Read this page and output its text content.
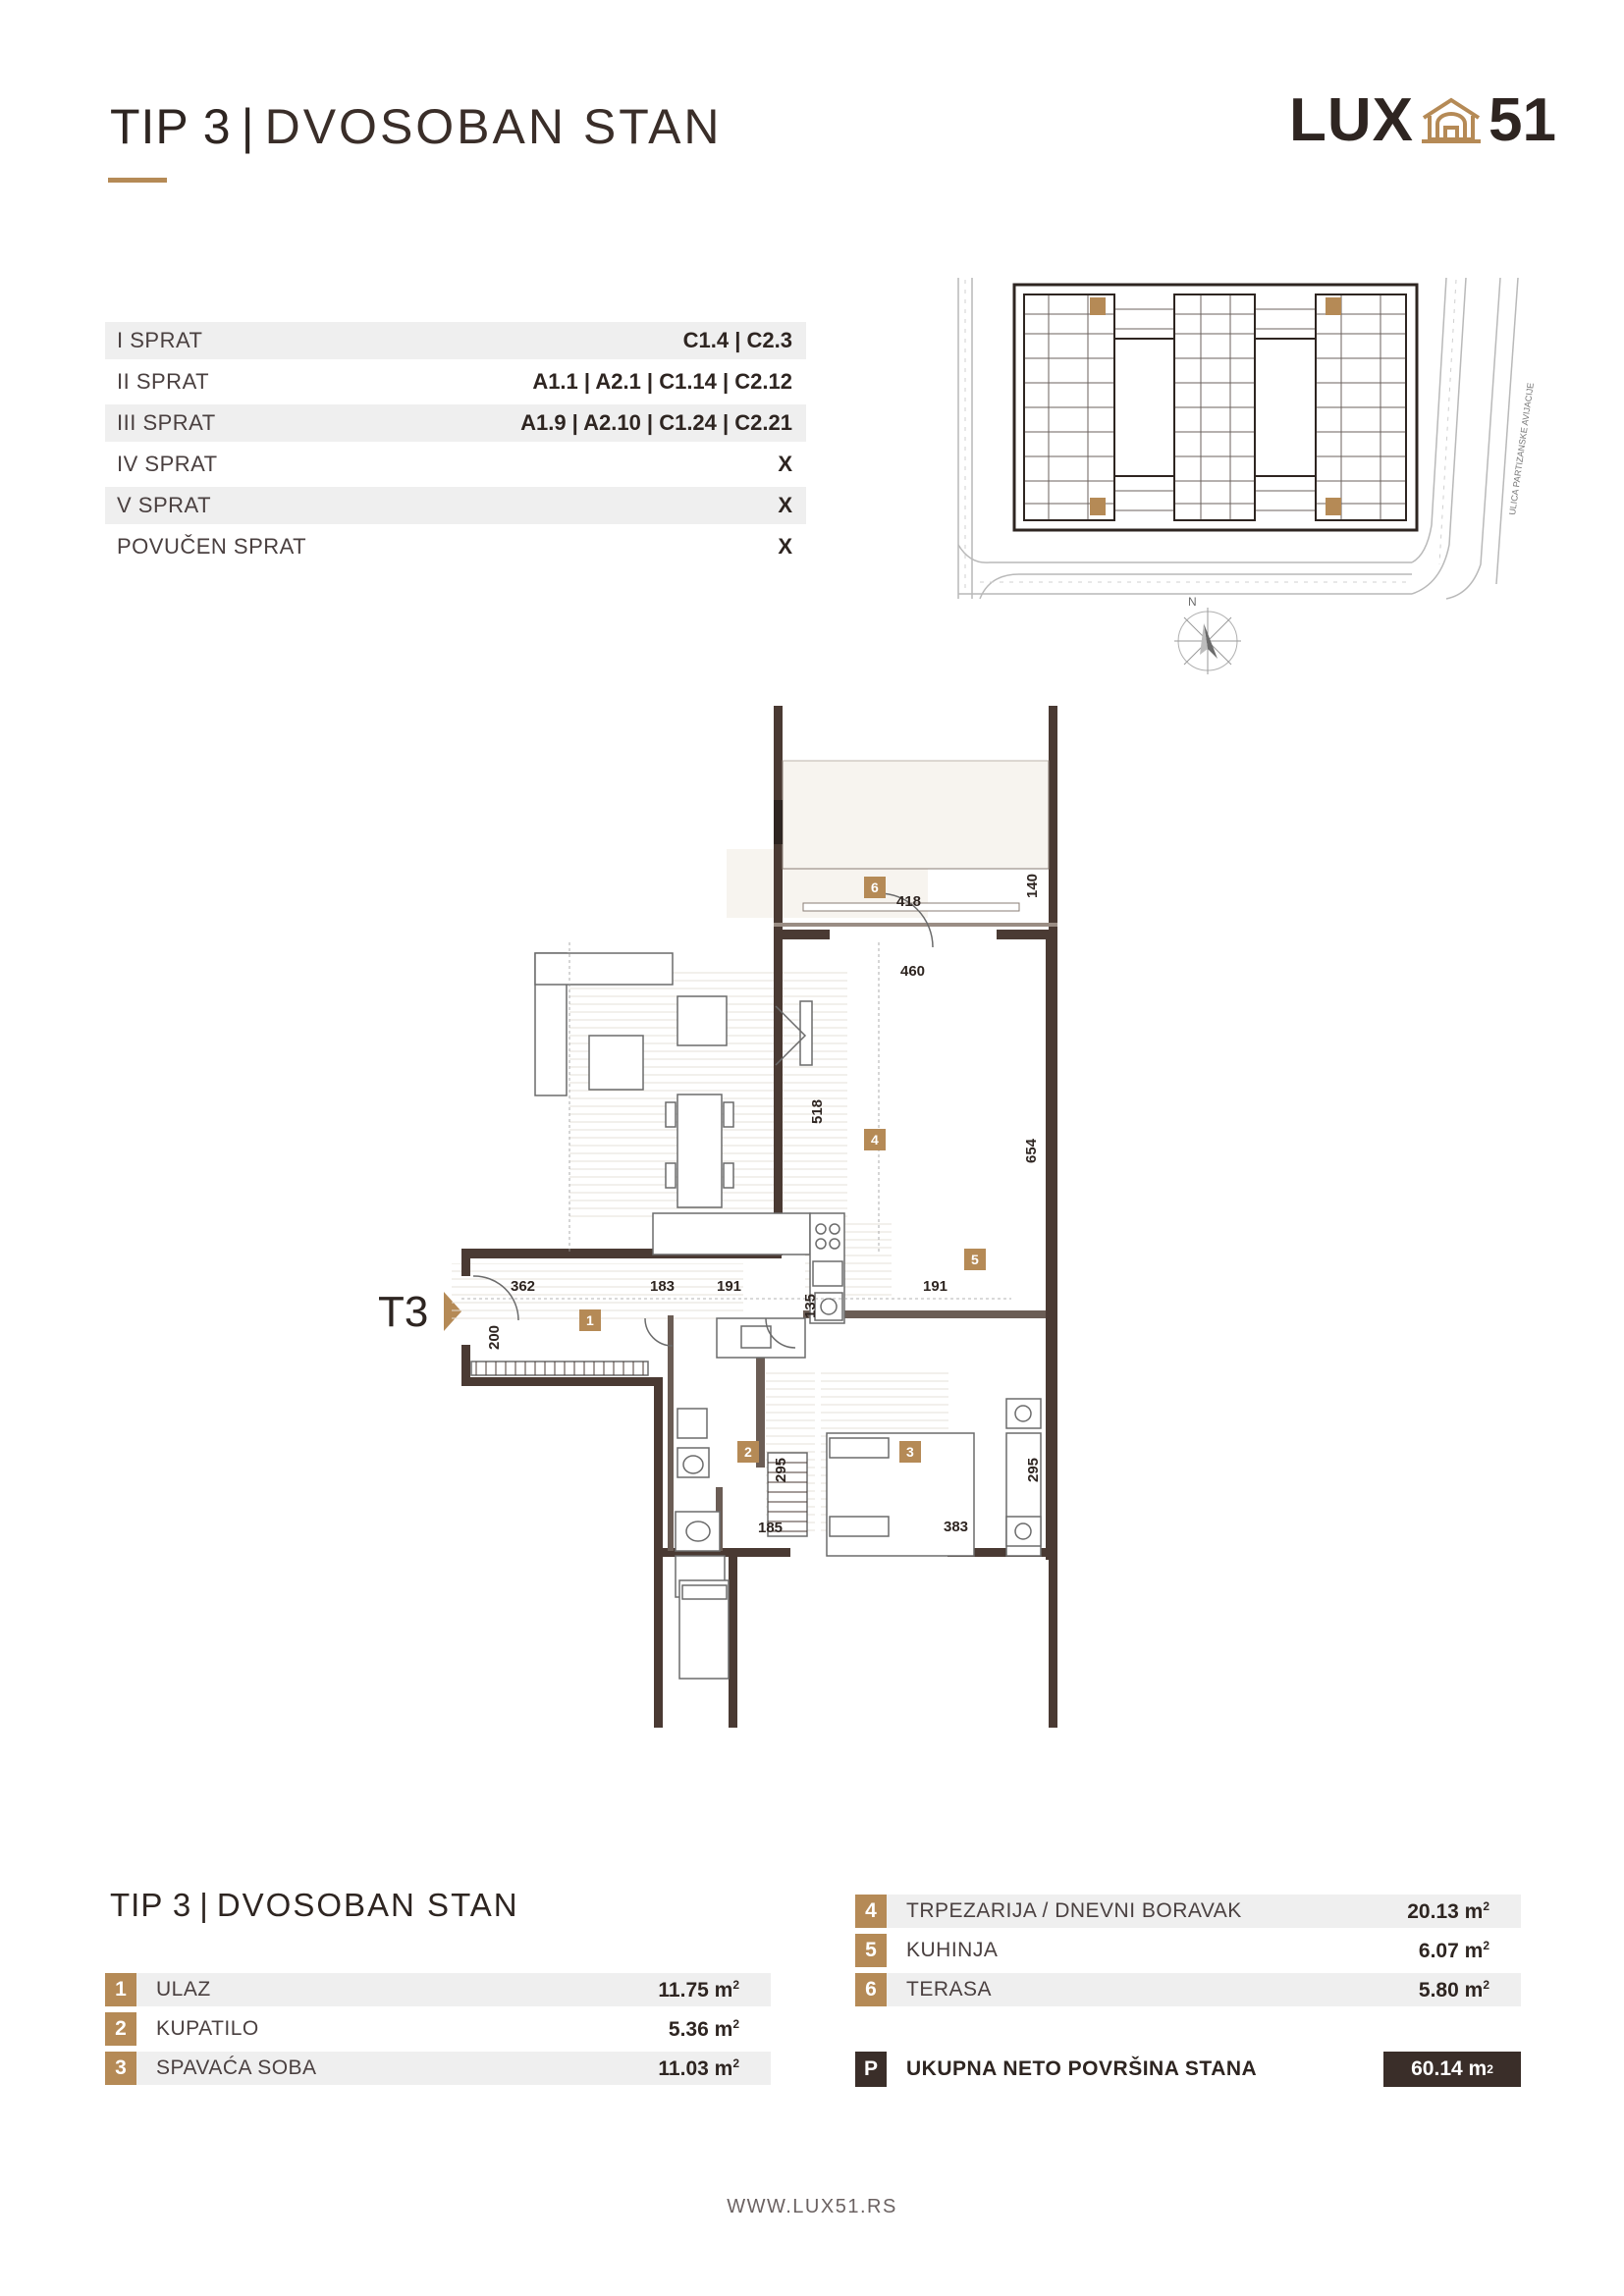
TIP 3 | DVOSOBAN STAN	LUX 51
I SPRAT	C1.4 | C2.3
II SPRAT	A1.1 | A2.1 | C1.14 | C2.12
III SPRAT	A1.9 | A2.10 | C1.24 | C2.21
IV SPRAT	X
V SPRAT	X
POVUČEN SPRAT	X
ULICA PARTIZANSKE AVIJACIJE
N
T3
418
140
460
518
654
362	183	191	191
200
135
295
185
295
383
6
4
5
1
2	3
TIP 3 | DVOSOBAN STAN
1	ULAZ	11.75 $m^2$
2	KUPATILO	5.36 $m^2$
3	SPAVAĆA SOBA	11.03 $m^2$
4	TRPEZARIJA / DNEVNI BORAVAK	20.13 $m^2$
5	KUHINJA	6.07 $m^2$
6	TERASA	5.80 $m^2$
P	UKUPNA NETO POVRŠINA STANA	60.14 m 2
WWW.LUX51.RS
